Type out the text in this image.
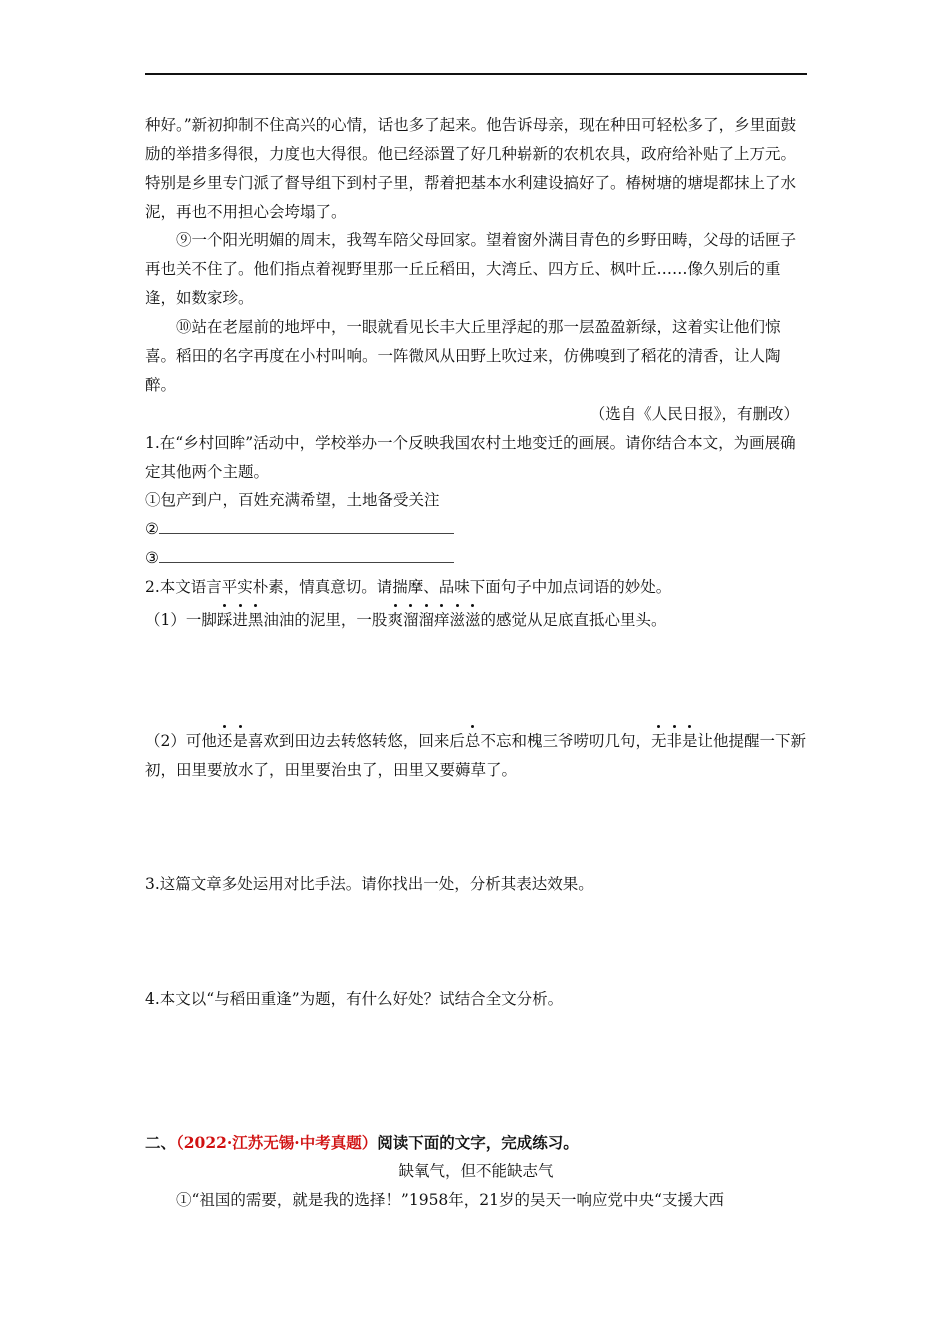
种好。”新初抑制不住高兴的心情，话也多了起来。他告诉母亲，现在种田可轻松多了，乡里面鼓励的举措多得很，力度也大得很。他已经添置了好几种崭新的农机农具，政府给补贴了上万元。特别是乡里专门派了督导组下到村子里，帮着把基本水利建设搞好了。椿树塘的塘堤都抹上了水泥，再也不用担心会垮塌了。

⑨一个阳光明媚的周末，我驾车陪父母回家。望着窗外满目青色的乡野田畴，父母的话匣子再也关不住了。他们指点着视野里那一丘丘稻田，大湾丘、四方丘、枫叶丘……像久别后的重逢，如数家珍。

⑩站在老屋前的地坪中，一眼就看见长丰大丘里浮起的那一层盈盈新绿，这着实让他们惊喜。稻田的名字再度在小村叫响。一阵微风从田野上吹过来，仿佛嗅到了稻花的清香，让人陶醉。

（选自《人民日报》，有删改）

1.在“乡村回眸”活动中，学校举办一个反映我国农村土地变迁的画展。请你结合本文，为画展确定其他两个主题。

①包产到户，百姓充满希望，土地备受关注

②

③

2.本文语言平实朴素，情真意切。请揣摩、品味下面句子中加点词语的妙处。

（1）一脚踩进黑油油的泥里，一股爽溜溜痒滋滋的感觉从足底直抵心里头。

（2）可他还是喜欢到田边去转悠转悠，回来后总不忘和槐三爷唠叨几句，无非是让他提醒一下新初，田里要放水了，田里要治虫了，田里又要薅草了。

3.这篇文章多处运用对比手法。请你找出一处，分析其表达效果。

4.本文以“与稻田重逢”为题，有什么好处？试结合全文分析。

二、（2022·江苏无锡·中考真题）阅读下面的文字，完成练习。

缺氧气，但不能缺志气

①“祖国的需要，就是我的选择！”1958年，21岁的吴天一响应党中央“支援大西
